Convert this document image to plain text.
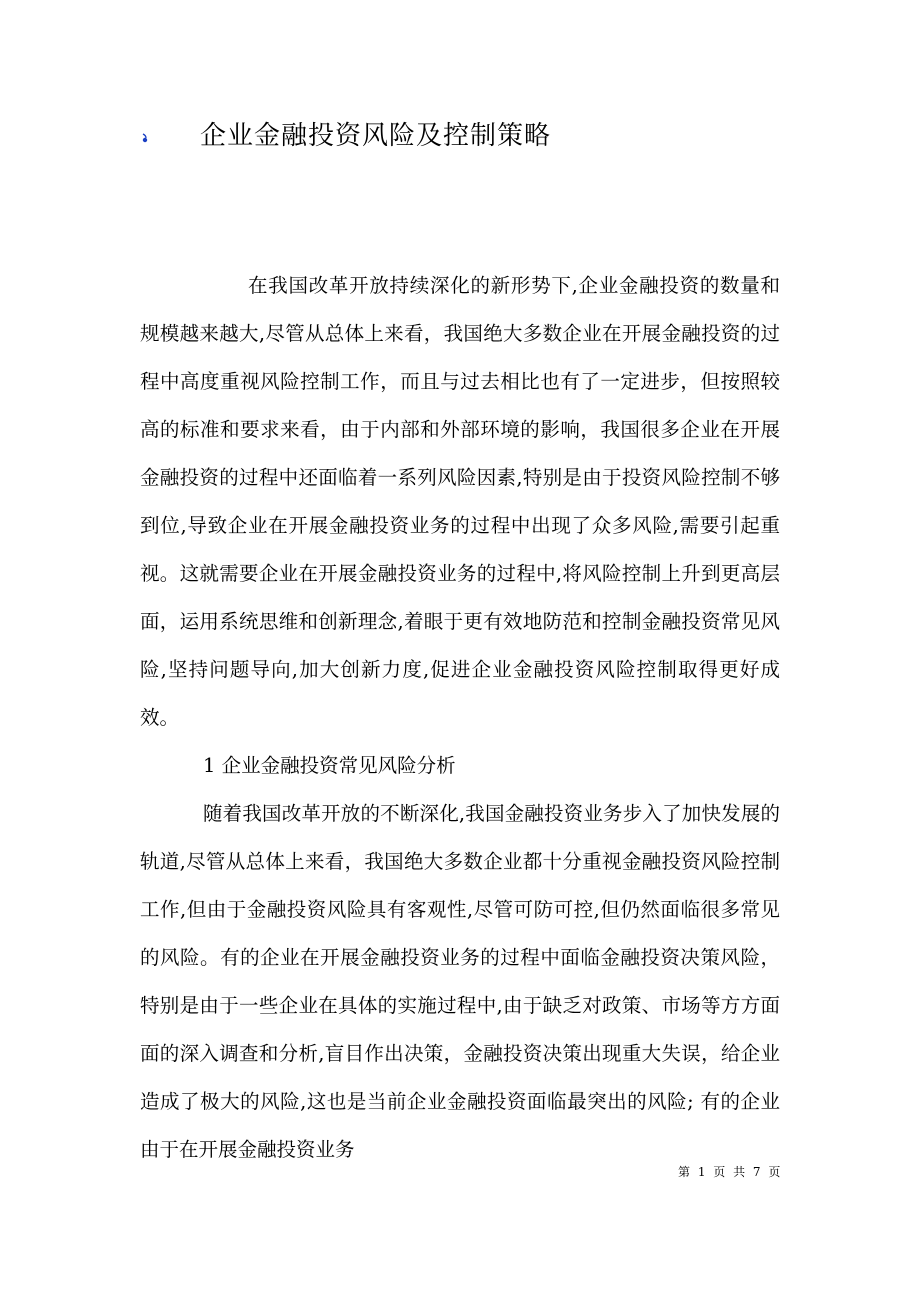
企业金融投资风险及控制策略

在我国改革开放持续深化的新形势下,企业金融投资的数量和规模越来越大,尽管从总体上来看，我国绝大多数企业在开展金融投资的过程中高度重视风险控制工作，而且与过去相比也有了一定进步，但按照较高的标准和要求来看，由于内部和外部环境的影响，我国很多企业在开展金融投资的过程中还面临着一系列风险因素,特别是由于投资风险控制不够到位,导致企业在开展金融投资业务的过程中出现了众多风险,需要引起重视。这就需要企业在开展金融投资业务的过程中,将风险控制上升到更高层面，运用系统思维和创新理念,着眼于更有效地防范和控制金融投资常见风险,坚持问题导向,加大创新力度,促进企业金融投资风险控制取得更好成效。

1 企业金融投资常见风险分析

随着我国改革开放的不断深化,我国金融投资业务步入了加快发展的轨道,尽管从总体上来看，我国绝大多数企业都十分重视金融投资风险控制工作,但由于金融投资风险具有客观性,尽管可防可控,但仍然面临很多常见的风险。有的企业在开展金融投资业务的过程中面临金融投资决策风险，特别是由于一些企业在具体的实施过程中,由于缺乏对政策、市场等方方面面的深入调查和分析,盲目作出决策，金融投资决策出现重大失误，给企业造成了极大的风险,这也是当前企业金融投资面临最突出的风险; 有的企业由于在开展金融投资业务

第 1 页 共 7 页
